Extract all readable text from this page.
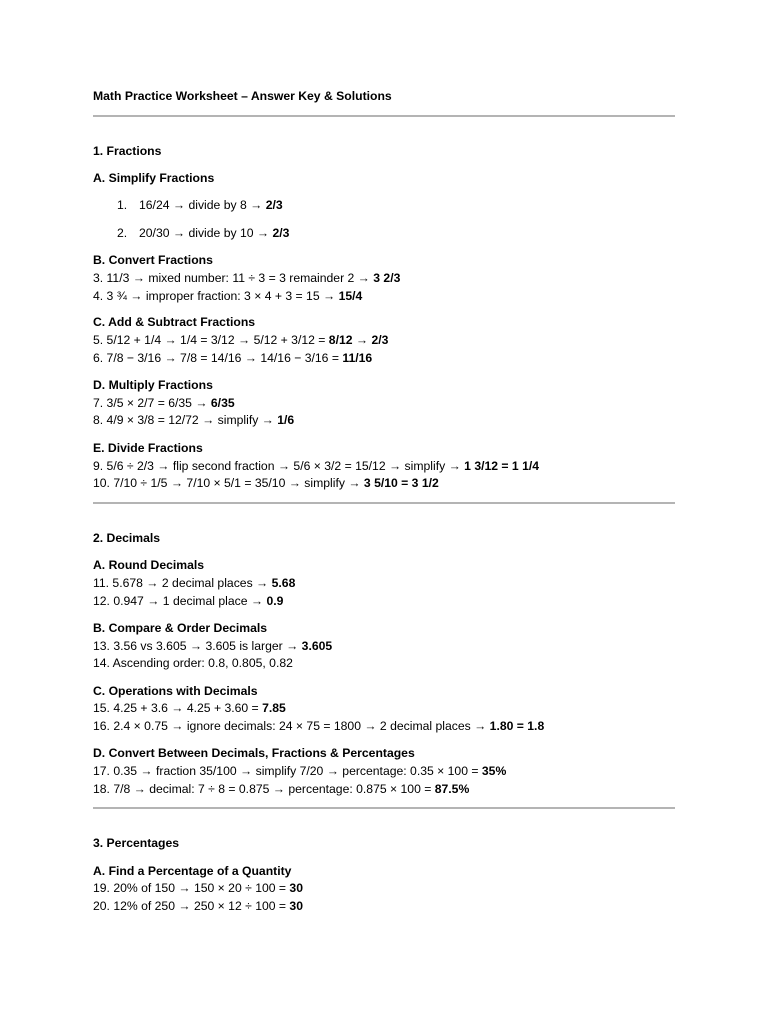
Math Practice Worksheet – Answer Key & Solutions
1. Fractions
A. Simplify Fractions
1. 16/24 → divide by 8 → 2/3
2. 20/30 → divide by 10 → 2/3
B. Convert Fractions
3. 11/3 → mixed number: 11 ÷ 3 = 3 remainder 2 → 3 2/3
4. 3 ¾ → improper fraction: 3 × 4 + 3 = 15 → 15/4
C. Add & Subtract Fractions
5. 5/12 + 1/4 → 1/4 = 3/12 → 5/12 + 3/12 = 8/12 → 2/3
6. 7/8 − 3/16 → 7/8 = 14/16 → 14/16 − 3/16 = 11/16
D. Multiply Fractions
7. 3/5 × 2/7 = 6/35 → 6/35
8. 4/9 × 3/8 = 12/72 → simplify → 1/6
E. Divide Fractions
9. 5/6 ÷ 2/3 → flip second fraction → 5/6 × 3/2 = 15/12 → simplify → 1 3/12 = 1 1/4
10. 7/10 ÷ 1/5 → 7/10 × 5/1 = 35/10 → simplify → 3 5/10 = 3 1/2
2. Decimals
A. Round Decimals
11. 5.678 → 2 decimal places → 5.68
12. 0.947 → 1 decimal place → 0.9
B. Compare & Order Decimals
13. 3.56 vs 3.605 → 3.605 is larger → 3.605
14. Ascending order: 0.8, 0.805, 0.82
C. Operations with Decimals
15. 4.25 + 3.6 → 4.25 + 3.60 = 7.85
16. 2.4 × 0.75 → ignore decimals: 24 × 75 = 1800 → 2 decimal places → 1.80 = 1.8
D. Convert Between Decimals, Fractions & Percentages
17. 0.35 → fraction 35/100 → simplify 7/20 → percentage: 0.35 × 100 = 35%
18. 7/8 → decimal: 7 ÷ 8 = 0.875 → percentage: 0.875 × 100 = 87.5%
3. Percentages
A. Find a Percentage of a Quantity
19. 20% of 150 → 150 × 20 ÷ 100 = 30
20. 12% of 250 → 250 × 12 ÷ 100 = 30
